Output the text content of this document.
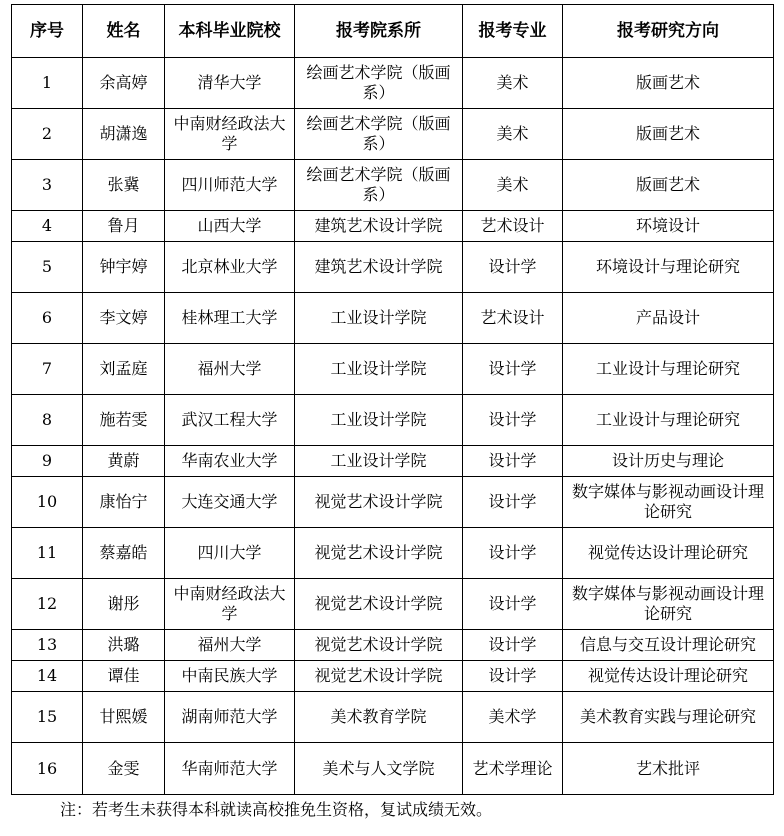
序号	姓名	本科毕业院校	报考院系所	报考专业	报考研究方向
1	余高婷	清华大学	绘画艺术学院（版画系）	美术	版画艺术
2	胡潇逸	中南财经政法大学	绘画艺术学院（版画系）	美术	版画艺术
3	张冀	四川师范大学	绘画艺术学院（版画系）	美术	版画艺术
4	鲁月	山西大学	建筑艺术设计学院	艺术设计	环境设计
5	钟宇婷	北京林业大学	建筑艺术设计学院	设计学	环境设计与理论研究
6	李文婷	桂林理工大学	工业设计学院	艺术设计	产品设计
7	刘孟庭	福州大学	工业设计学院	设计学	工业设计与理论研究
8	施若雯	武汉工程大学	工业设计学院	设计学	工业设计与理论研究
9	黄蔚	华南农业大学	工业设计学院	设计学	设计历史与理论
10	康怡宁	大连交通大学	视觉艺术设计学院	设计学	数字媒体与影视动画设计理论研究
11	蔡嘉皓	四川大学	视觉艺术设计学院	设计学	视觉传达设计理论研究
12	谢彤	中南财经政法大学	视觉艺术设计学院	设计学	数字媒体与影视动画设计理论研究
13	洪璐	福州大学	视觉艺术设计学院	设计学	信息与交互设计理论研究
14	谭佳	中南民族大学	视觉艺术设计学院	设计学	视觉传达设计理论研究
15	甘熙媛	湖南师范大学	美术教育学院	美术学	美术教育实践与理论研究
16	金雯	华南师范大学	美术与人文学院	艺术学理论	艺术批评
注：若考生未获得本科就读高校推免生资格，复试成绩无效。
